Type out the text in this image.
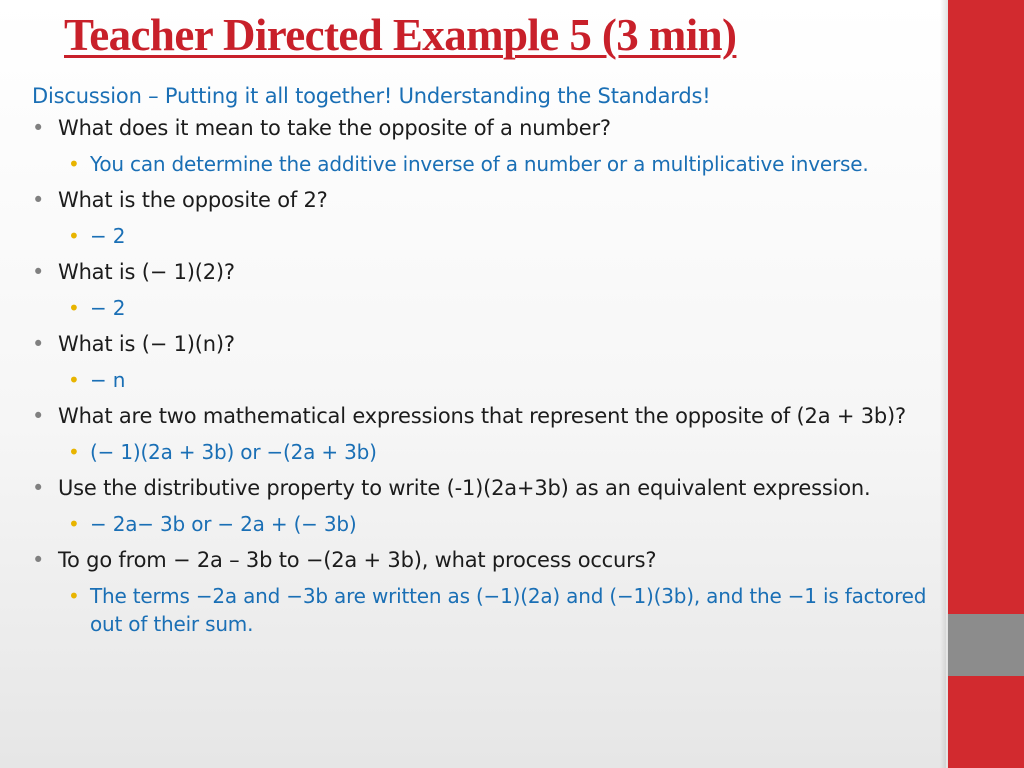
Teacher Directed Example 5 (3 min)

Discussion – Putting it all together! Understanding the Standards!

• What does it mean to take the opposite of a number?
• You can determine the additive inverse of a number or a multiplicative inverse.
• What is the opposite of 2?
• − 2
• What is (− 1)(2)?
• − 2
• What is (− 1)(n)?
• − n
• What are two mathematical expressions that represent the opposite of (2a + 3b)?
• (− 1)(2a + 3b) or −(2a + 3b)
• Use the distributive property to write (-1)(2a+3b) as an equivalent expression.
• − 2a− 3b or − 2a + (− 3b)
• To go from − 2a – 3b to −(2a + 3b), what process occurs?
• The terms −2a and −3b are written as (−1)(2a) and (−1)(3b), and the −1 is factored out of their sum.
